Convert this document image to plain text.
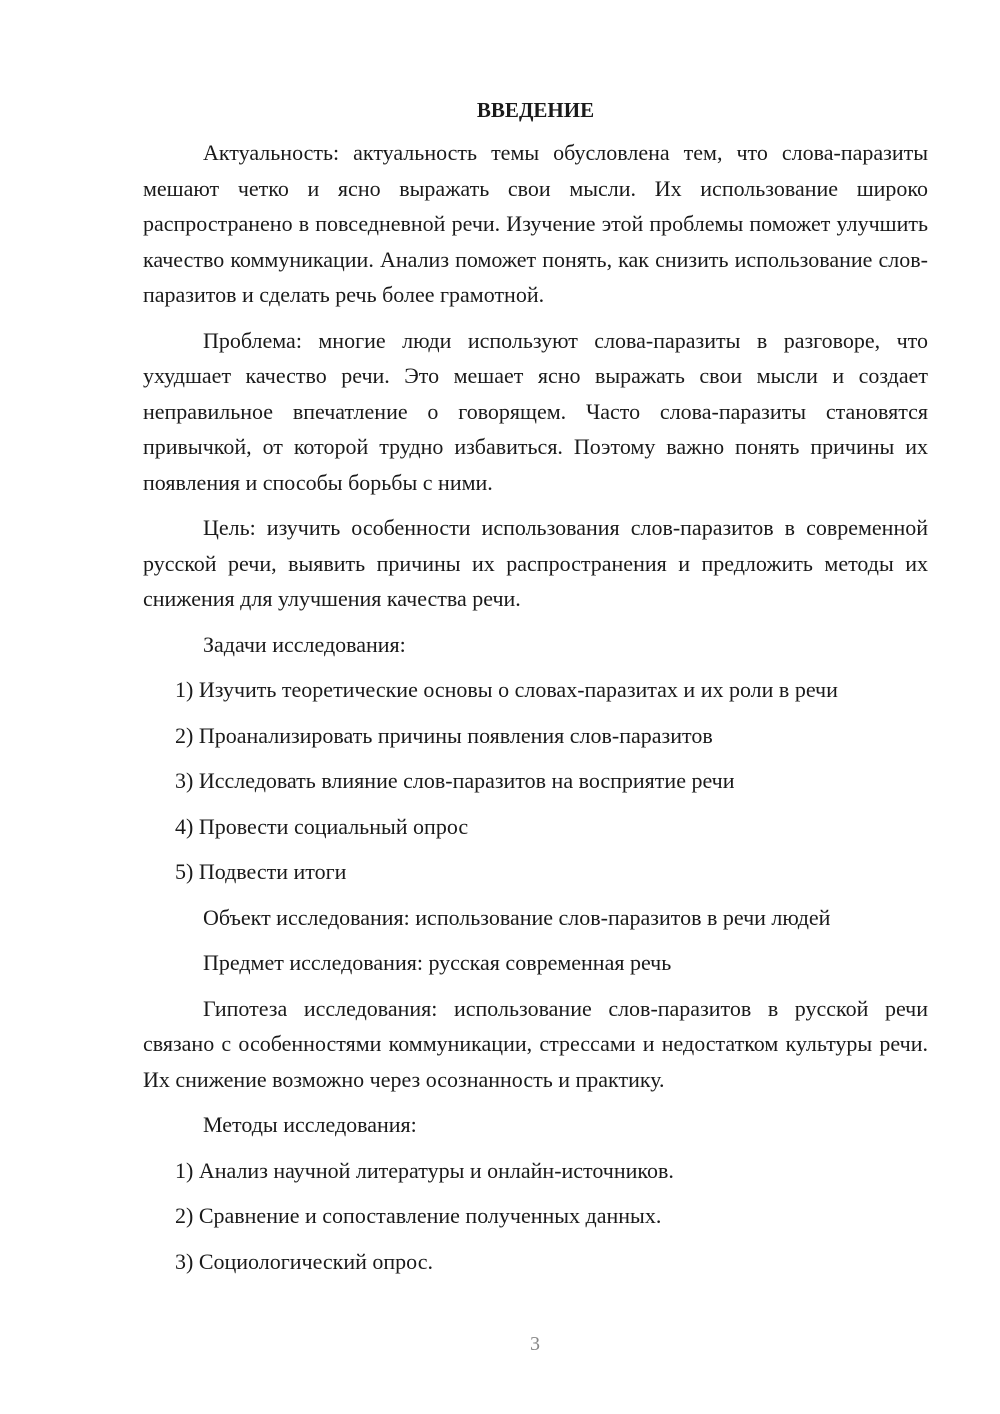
ВВЕДЕНИЕ

Актуальность: актуальность темы обусловлена тем, что слова-паразиты мешают четко и ясно выражать свои мысли. Их использование широко распространено в повседневной речи. Изучение этой проблемы поможет улучшить качество коммуникации. Анализ поможет понять, как снизить использование слов-паразитов и сделать речь более грамотной.

Проблема: многие люди используют слова-паразиты в разговоре, что ухудшает качество речи. Это мешает ясно выражать свои мысли и создает неправильное впечатление о говорящем. Часто слова-паразиты становятся привычкой, от которой трудно избавиться. Поэтому важно понять причины их появления и способы борьбы с ними.

Цель: изучить особенности использования слов-паразитов в современной русской речи, выявить причины их распространения и предложить методы их снижения для улучшения качества речи.

Задачи исследования:
1) Изучить теоретические основы о словах-паразитах и их роли в речи
2) Проанализировать причины появления слов-паразитов
3) Исследовать влияние слов-паразитов на восприятие речи
4) Провести социальный опрос
5) Подвести итоги
Объект исследования: использование слов-паразитов в речи людей
Предмет исследования: русская современная речь

Гипотеза исследования: использование слов-паразитов в русской речи связано с особенностями коммуникации, стрессами и недостатком культуры речи. Их снижение возможно через осознанность и практику.

Методы исследования:
1) Анализ научной литературы и онлайн-источников.
2) Сравнение и сопоставление полученных данных.
3) Социологический опрос.
3
